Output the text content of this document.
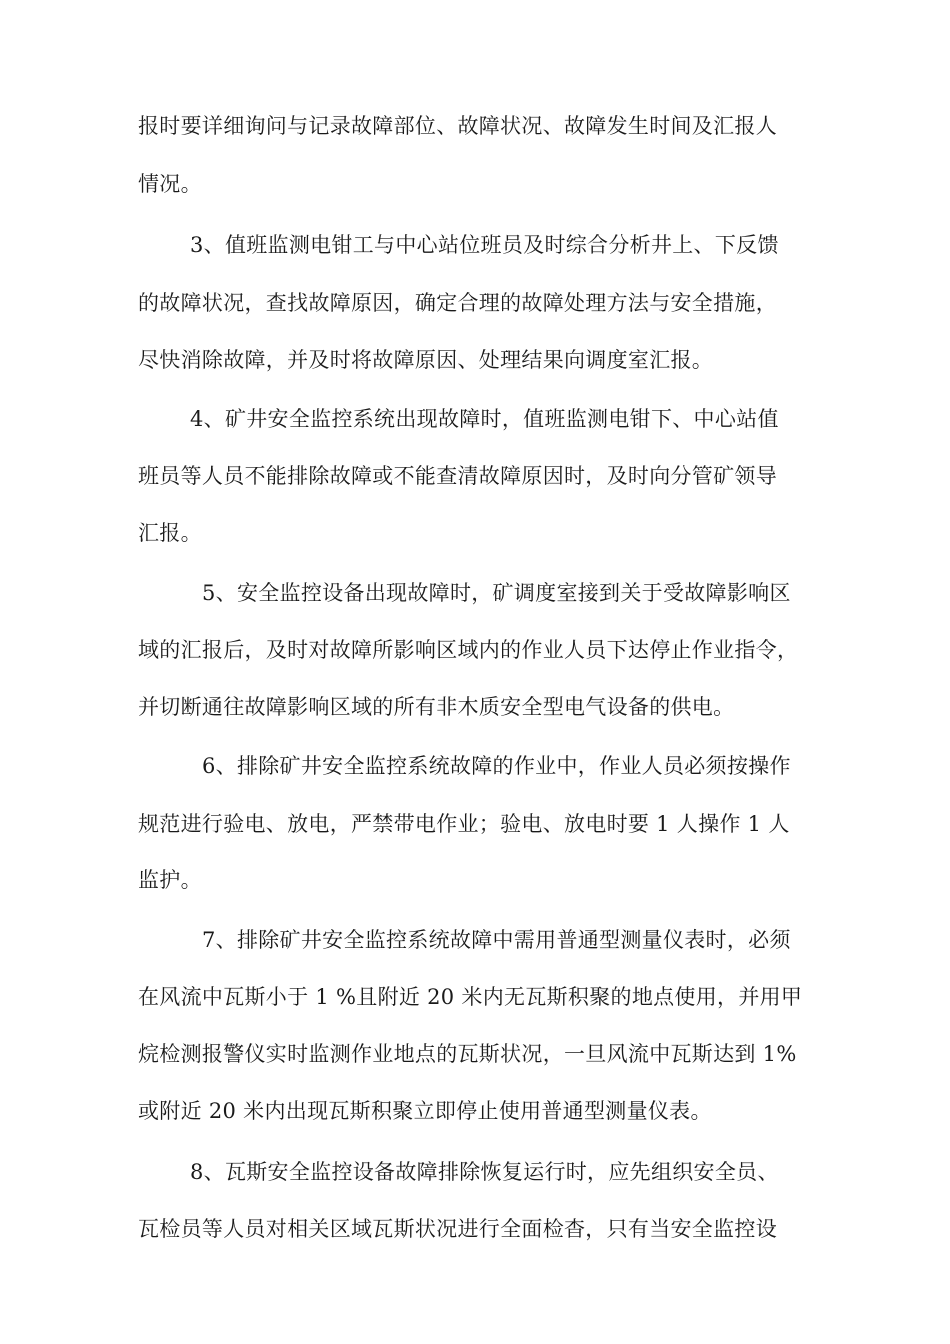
报时要详细询问与记录故障部位、故障状况、故障发生时间及汇报人
情况。
3、值班监测电钳工与中心站位班员及时综合分析井上、下反馈
的故障状况，查找故障原因，确定合理的故障处理方法与安全措施，
尽快消除故障，并及时将故障原因、处理结果向调度室汇报。
4、矿井安全监控系统出现故障时，值班监测电钳下、中心站值
班员等人员不能排除故障或不能查清故障原因时，及时向分管矿领导
汇报。
5、安全监控设备出现故障时，矿调度室接到关于受故障影响区
域的汇报后，及时对故障所影响区域内的作业人员下达停止作业指令，
并切断通往故障影响区域的所有非木质安全型电气设备的供电。
6、排除矿井安全监控系统故障的作业中，作业人员必须按操作
规范进行验电、放电，严禁带电作业；验电、放电时要 1 人操作 1 人
监护。
7、排除矿井安全监控系统故障中需用普通型测量仪表时，必须
在风流中瓦斯小于 1 %且附近 20 米内无瓦斯积聚的地点使用，并用甲
烷检测报警仪实时监测作业地点的瓦斯状况，一旦风流中瓦斯达到 1%
或附近 20 米内出现瓦斯积聚立即停止使用普通型测量仪表。
8、瓦斯安全监控设备故障排除恢复运行时，应先组织安全员、
瓦检员等人员对相关区域瓦斯状况进行全面检杳，只有当安全监控设
